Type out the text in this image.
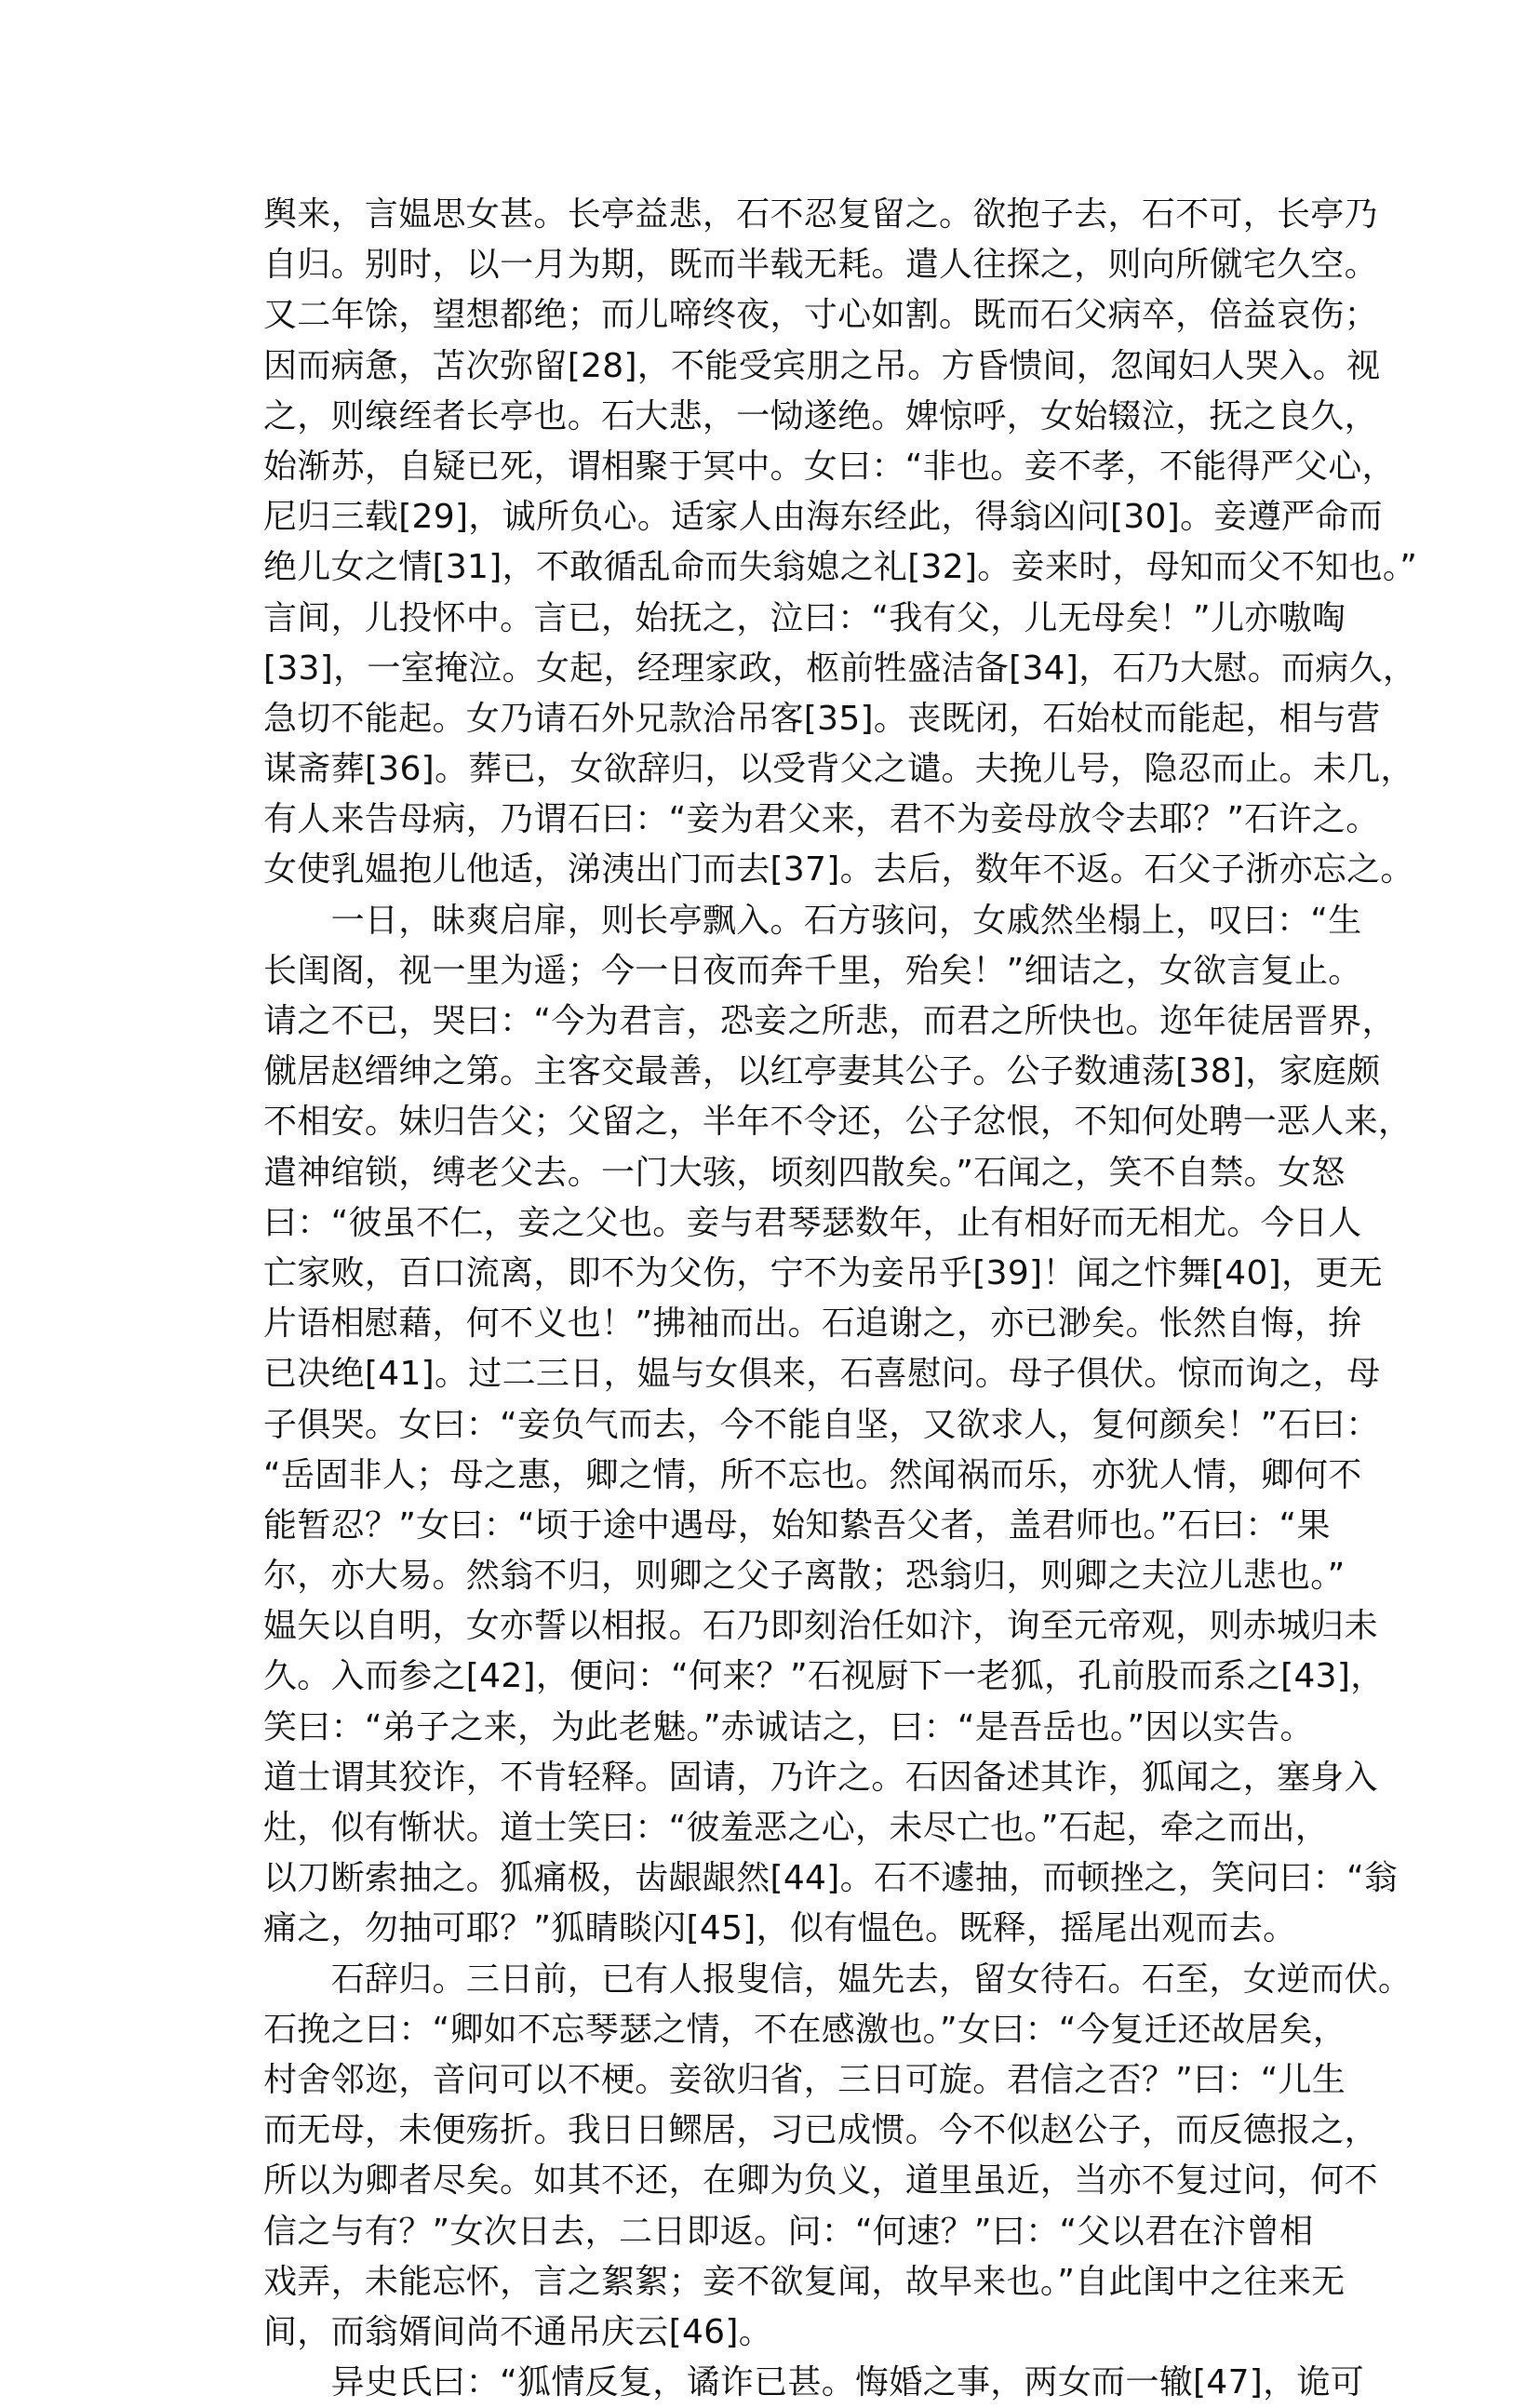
舆来，言媪思女甚。长亭益悲，石不忍复留之。欲抱子去，石不可，长亭乃
自归。别时，以一月为期，既而半载无耗。遣人往探之，则向所僦宅久空。
又二年馀，望想都绝；而儿啼终夜，寸心如割。既而石父病卒，倍益哀伤；
因而病惫，苫次弥留[28]，不能受宾朋之吊。方昏愦间，忽闻妇人哭入。视
之，则缞绖者长亭也。石大悲，一恸遂绝。婢惊呼，女始辍泣，抚之良久，
始渐苏，自疑已死，谓相聚于冥中。女曰：“非也。妾不孝，不能得严父心，
尼归三载[29]，诚所负心。适家人由海东经此，得翁凶问[30]。妾遵严命而
绝儿女之情[31]，不敢循乱命而失翁媳之礼[32]。妾来时，母知而父不知也。”
言间，儿投怀中。言已，始抚之，泣曰：“我有父，儿无母矣！”儿亦嗷啕
[33]，一室掩泣。女起，经理家政，柩前牲盛洁备[34]，石乃大慰。而病久，
急切不能起。女乃请石外兄款洽吊客[35]。丧既闭，石始杖而能起，相与营
谋斋葬[36]。葬已，女欲辞归，以受背父之谴。夫挽儿号，隐忍而止。未几，
有人来告母病，乃谓石曰：“妾为君父来，君不为妾母放令去耶？”石许之。
女使乳媪抱儿他适，涕洟出门而去[37]。去后，数年不返。石父子浙亦忘之。
　　一日，昧爽启扉，则长亭飘入。石方骇问，女戚然坐榻上，叹曰：“生
长闺阁，视一里为遥；今一日夜而奔千里，殆矣！”细诘之，女欲言复止。
请之不已，哭曰：“今为君言，恐妾之所悲，而君之所快也。迩年徒居晋界，
僦居赵缙绅之第。主客交最善，以红亭妻其公子。公子数逋荡[38]，家庭颇
不相安。妹归告父；父留之，半年不令还，公子忿恨，不知何处聘一恶人来，
遣神绾锁，缚老父去。一门大骇，顷刻四散矣。”石闻之，笑不自禁。女怒
曰：“彼虽不仁，妾之父也。妾与君琴瑟数年，止有相好而无相尤。今日人
亡家败，百口流离，即不为父伤，宁不为妾吊乎[39]！闻之忭舞[40]，更无
片语相慰藉，何不义也！”拂袖而出。石追谢之，亦已渺矣。怅然自悔，拚
已决绝[41]。过二三日，媪与女俱来，石喜慰问。母子俱伏。惊而询之，母
子俱哭。女曰：“妾负气而去，今不能自坚，又欲求人，复何颜矣！”石曰：
“岳固非人；母之惠，卿之情，所不忘也。然闻祸而乐，亦犹人情，卿何不
能暂忍？”女曰：“顷于途中遇母，始知絷吾父者，盖君师也。”石曰：“果
尔，亦大易。然翁不归，则卿之父子离散；恐翁归，则卿之夫泣儿悲也。”
媪矢以自明，女亦誓以相报。石乃即刻治任如汴，询至元帝观，则赤城归未
久。入而参之[42]，便问：“何来？”石视厨下一老狐，孔前股而系之[43]，
笑曰：“弟子之来，为此老魅。”赤诚诘之，曰：“是吾岳也。”因以实告。
道士谓其狡诈，不肯轻释。固请，乃许之。石因备述其诈，狐闻之，塞身入
灶，似有惭状。道士笑曰：“彼羞恶之心，未尽亡也。”石起，牵之而出，
以刀断索抽之。狐痛极，齿龈龈然[44]。石不遽抽，而顿挫之，笑问曰：“翁
痛之，勿抽可耶？”狐睛睒闪[45]，似有愠色。既释，摇尾出观而去。
　　石辞归。三日前，已有人报叟信，媪先去，留女待石。石至，女逆而伏。
石挽之曰：“卿如不忘琴瑟之情，不在感激也。”女曰：“今复迁还故居矣，
村舍邻迩，音问可以不梗。妾欲归省，三日可旋。君信之否？”曰：“儿生
而无母，未便殇折。我日日鳏居，习已成惯。今不似赵公子，而反德报之，
所以为卿者尽矣。如其不还，在卿为负义，道里虽近，当亦不复过问，何不
信之与有？”女次日去，二日即返。问：“何速？”曰：“父以君在汴曾相
戏弄，未能忘怀，言之絮絮；妾不欲复闻，故早来也。”自此闺中之往来无
间，而翁婿间尚不通吊庆云[46]。
　　异史氏曰：“狐情反复，谲诈已甚。悔婚之事，两女而一辙[47]，诡可
